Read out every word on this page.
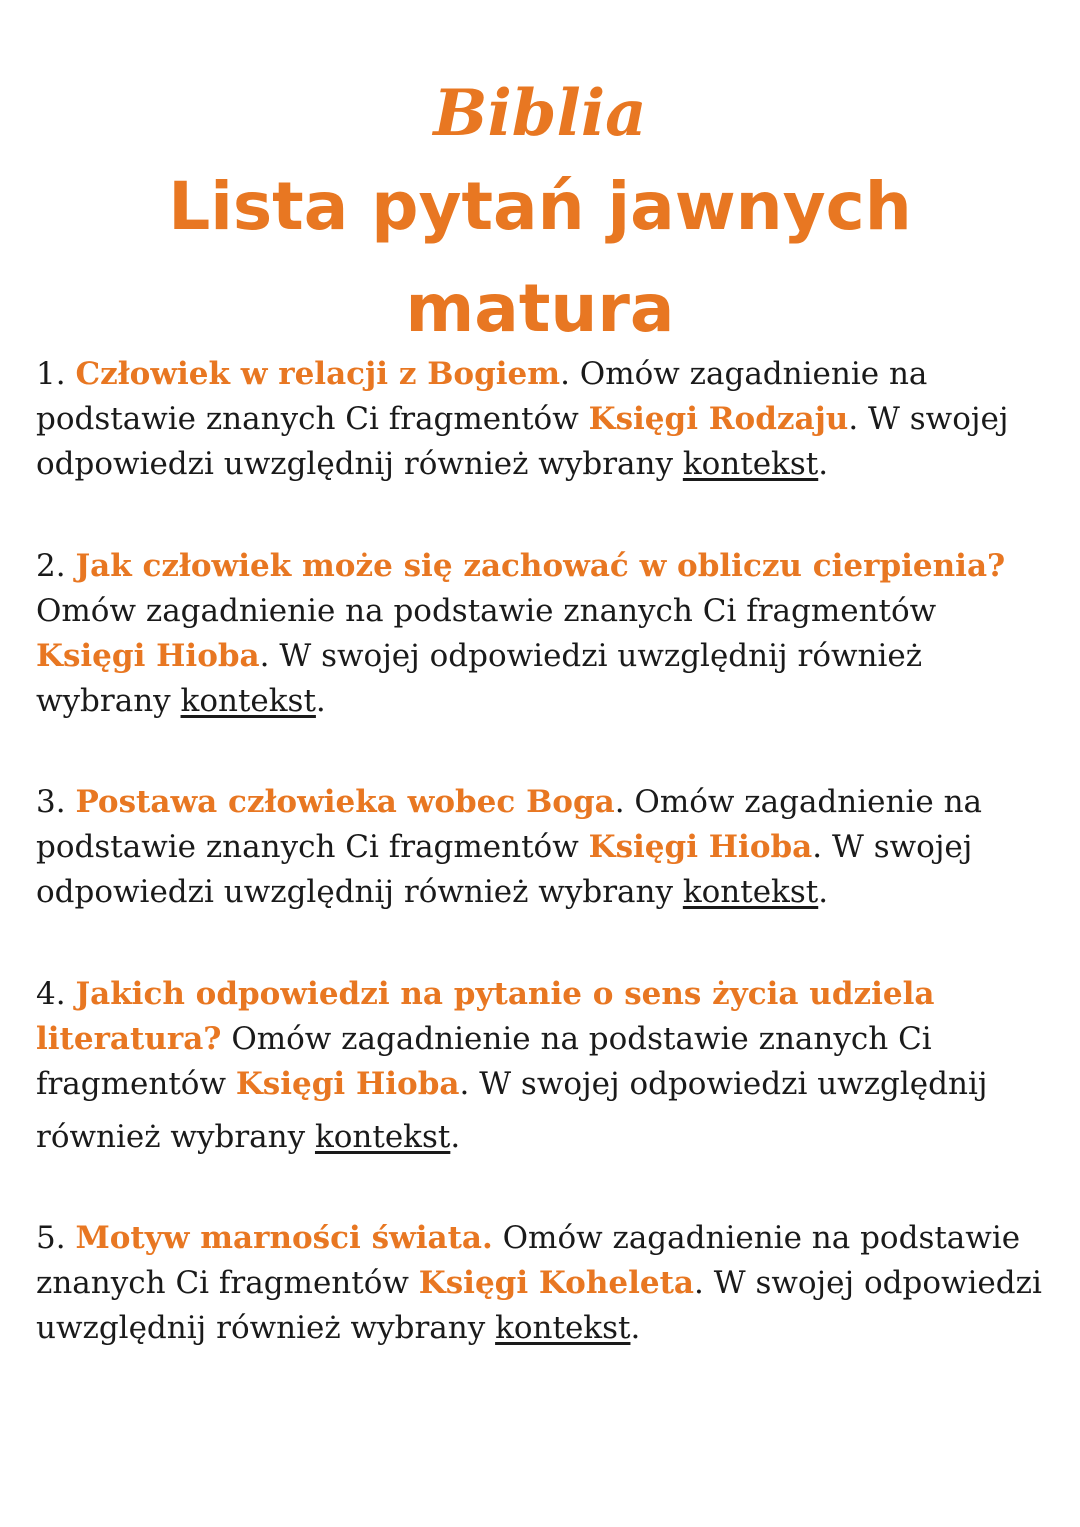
Biblia
Lista pytań jawnych
matura

1. Człowiek w relacji z Bogiem. Omów zagadnienie na podstawie znanych Ci fragmentów Księgi Rodzaju. W swojej odpowiedzi uwzględnij również wybrany kontekst.

2. Jak człowiek może się zachować w obliczu cierpienia?
Omów zagadnienie na podstawie znanych Ci fragmentów Księgi Hioba. W swojej odpowiedzi uwzględnij również wybrany kontekst.

3. Postawa człowieka wobec Boga. Omów zagadnienie na podstawie znanych Ci fragmentów Księgi Hioba. W swojej odpowiedzi uwzględnij również wybrany kontekst.

4. Jakich odpowiedzi na pytanie o sens życia udziela literatura? Omów zagadnienie na podstawie znanych Ci fragmentów Księgi Hioba. W swojej odpowiedzi uwzględnij
również wybrany kontekst.

5. Motyw marności świata. Omów zagadnienie na podstawie znanych Ci fragmentów Księgi Koheleta. W swojej odpowiedzi uwzględnij również wybrany kontekst.
